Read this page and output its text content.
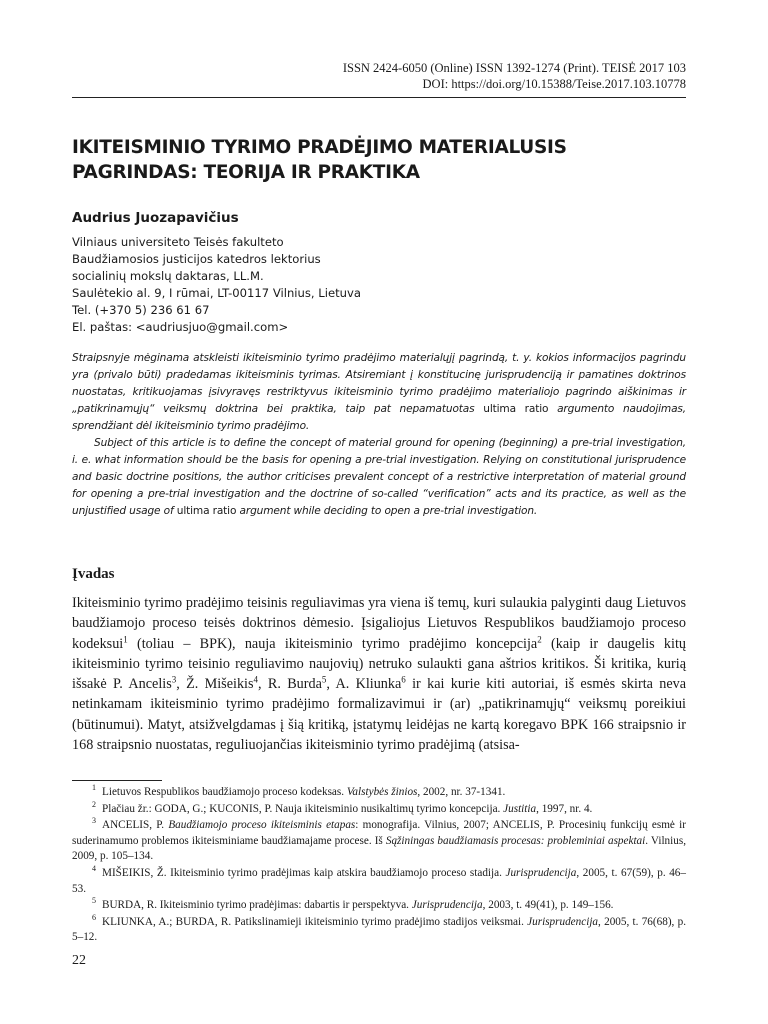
ISSN 2424-6050 (Online) ISSN 1392-1274 (Print). TEISĖ 2017 103
DOI: https://doi.org/10.15388/Teise.2017.103.10778
IKITEISMINIO TYRIMO PRADĖJIMO MATERIALUSIS
PAGRINDAS: TEORIJA IR PRAKTIKA
Audrius Juozapavičius
Vilniaus universiteto Teisės fakulteto
Baudžiamosios justicijos katedros lektorius
socialinių mokslų daktaras, LL.M.
Saulėtekio al. 9, I rūmai, LT-00117 Vilnius, Lietuva
Tel. (+370 5) 236 61 67
El. paštas: <audriusjuo@gmail.com>

Straipsnyje mėginama atskleisti ikiteisminio tyrimo pradėjimo materialųjį pagrindą, t. y. kokios informacijos pagrindu yra (privalo būti) pradedamas ikiteisminis tyrimas. Atsiremiant į konstitucinę jurisprudenciją ir pamatines doktrinos nuostatas, kritikuojamas įsivyravęs restriktyvus ikiteisminio tyrimo pradėjimo materialiojo pagrindo aiškinimas ir „patikrinamųjų“ veiksmų doktrina bei praktika, taip pat nepamatuotas ultima ratio argumento naudojimas, sprendžiant dėl ikiteisminio tyrimo pradėjimo.

Subject of this article is to define the concept of material ground for opening (beginning) a pre-trial investigation, i. e. what information should be the basis for opening a pre-trial investigation. Relying on constitutional jurisprudence and basic doctrine positions, the author criticises prevalent concept of a restrictive interpretation of material ground for opening a pre-trial investigation and the doctrine of so-called “verification” acts and its practice, as well as the unjustified usage of ultima ratio argument while deciding to open a pre-trial investigation.

Įvadas

Ikiteisminio tyrimo pradėjimo teisinis reguliavimas yra viena iš temų, kuri sulaukia palyginti daug Lietuvos baudžiamojo proceso teisės doktrinos dėmesio. Įsigaliojus Lietuvos Respublikos baudžiamojo proceso kodeksui$^1$ (toliau – BPK), nauja ikiteisminio tyrimo pradėjimo koncepcija$^2$ (kaip ir daugelis kitų ikiteisminio tyrimo teisinio reguliavimo naujovių) netruko sulaukti gana aštrios kritikos. Ši kritika, kurią išsakė P. Ancelis$^3$, Ž. Mišeikis$^4$, R. Burda$^5$, A. Kliunka$^6$ ir kai kurie kiti autoriai, iš esmės skirta neva netinkamam ikiteisminio tyrimo pradėjimo formalizavimui ir (ar) „patikrinamųjų“ veiksmų poreikiui (būtinumui). Matyt, atsižvelgdamas į šią kritiką, įstatymų leidėjas ne kartą koregavo BPK 166 straipsnio ir 168 straipsnio nuostatas, reguliuojančias ikiteisminio tyrimo pradėjimą (atsisa-

$^1$ Lietuvos Respublikos baudžiamojo proceso kodeksas. Valstybės žinios, 2002, nr. 37-1341.

$^2$ Plačiau žr.: GODA, G.; KUCONIS, P. Nauja ikiteisminio nusikaltimų tyrimo koncepcija. Justitia, 1997, nr. 4.

$^3$ ANCELIS, P. Baudžiamojo proceso ikiteisminis etapas: monografija. Vilnius, 2007; ANCELIS, P. Procesinių funkcijų esmė ir suderinamumo problemos ikiteisminiame baudžiamajame procese. Iš Sąžiningas baudžiamasis procesas: probleminiai aspektai. Vilnius, 2009, p. 105–134.

$^4$ MIŠEIKIS, Ž. Ikiteisminio tyrimo pradėjimas kaip atskira baudžiamojo proceso stadija. Jurisprudencija, 2005, t. 67(59), p. 46–53.

$^5$ BURDA, R. Ikiteisminio tyrimo pradėjimas: dabartis ir perspektyva. Jurisprudencija, 2003, t. 49(41), p. 149–156.

$^6$ KLIUNKA, A.; BURDA, R. Patikslinamieji ikiteisminio tyrimo pradėjimo stadijos veiksmai. Jurisprudencija, 2005, t. 76(68), p. 5–12.

22
